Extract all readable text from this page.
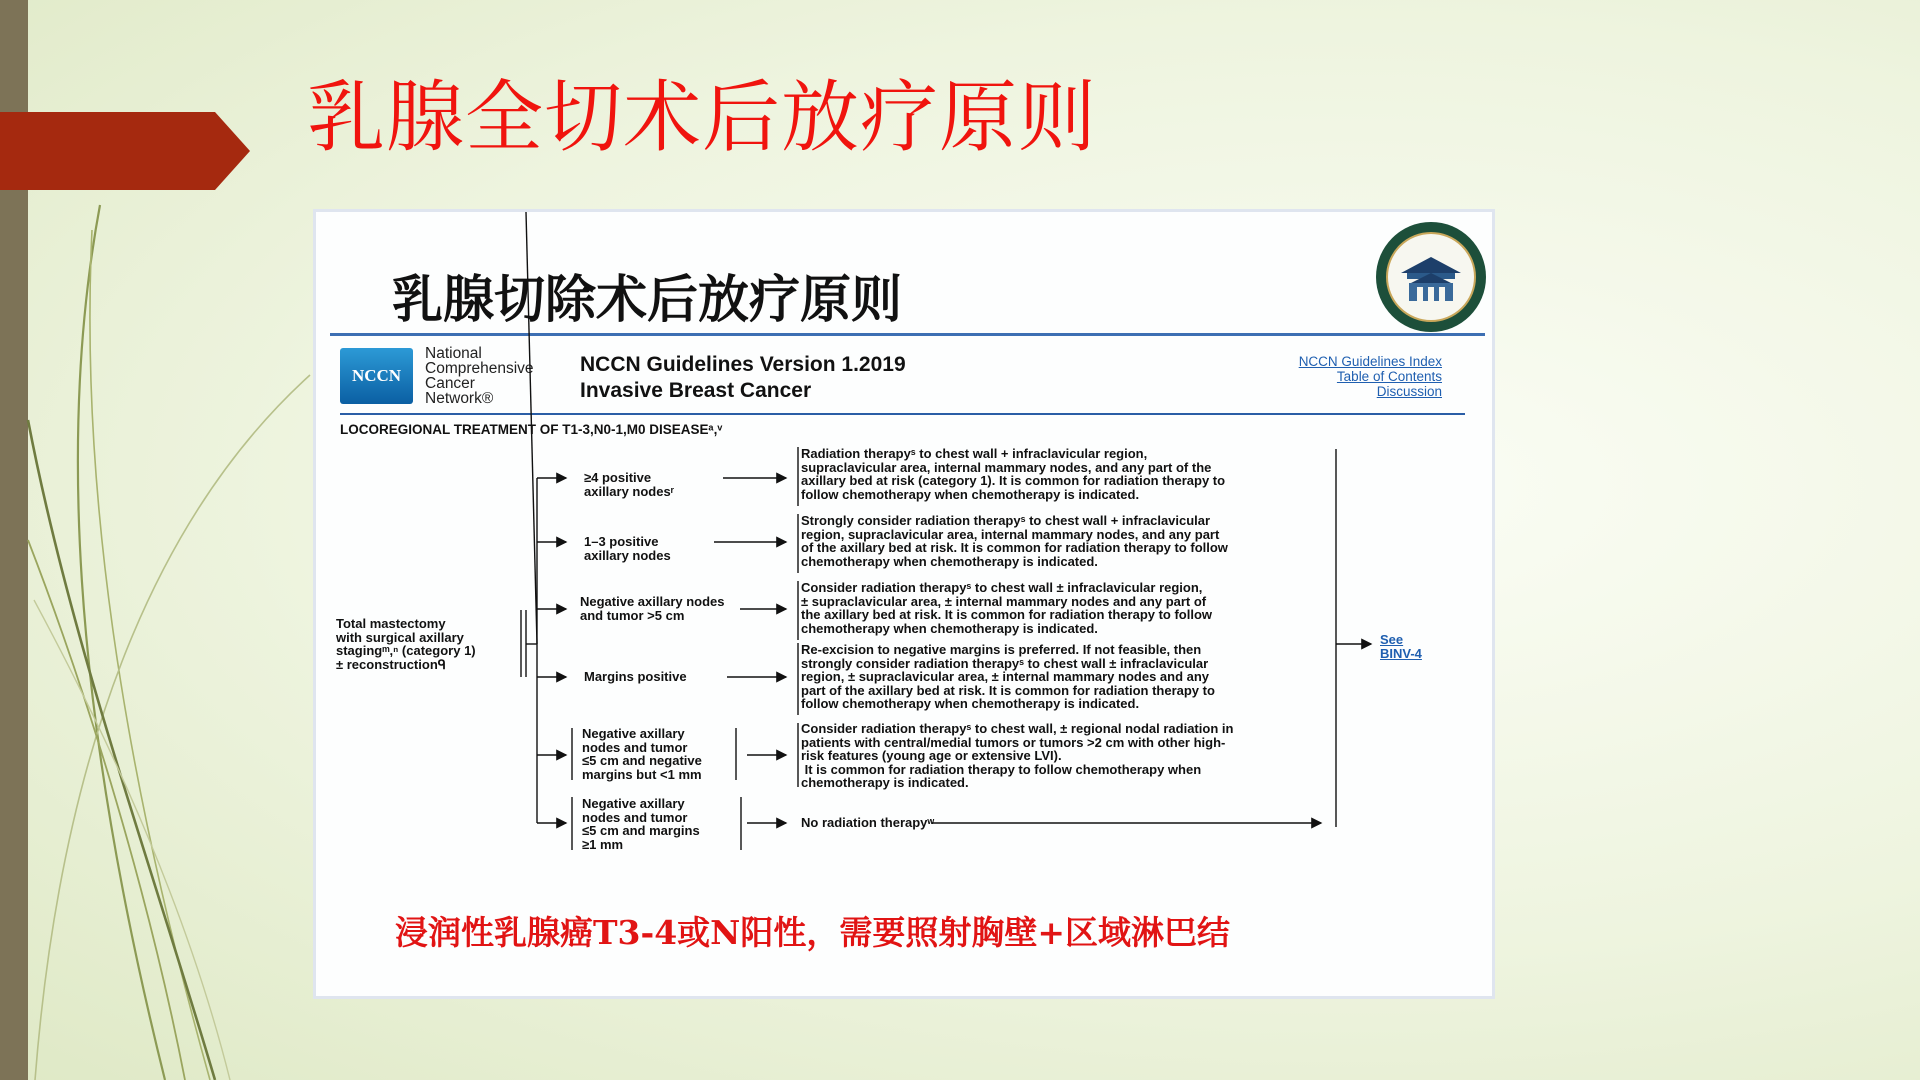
乳腺全切术后放疗原则
乳腺切除术后放疗原则
NCCN
National
Comprehensive
Cancer
Network®
NCCN Guidelines Version 1.2019
Invasive Breast Cancer
NCCN Guidelines Index
Table of Contents
Discussion
LOCOREGIONAL TREATMENT OF T1-3,N0-1,M0 DISEASEᵃ,ᵛ
Total mastectomy
with surgical axillary
stagingᵐ,ⁿ (category 1)
± reconstructionᑫ
≥4 positive
axillary nodesʳ
1–3 positive
axillary nodes
Negative axillary nodes
and tumor >5 cm
Margins positive
Negative axillary
nodes and tumor
≤5 cm and negative
margins but <1 mm
Negative axillary
nodes and tumor
≤5 cm and margins
≥1 mm
Radiation therapyˢ to chest wall + infraclavicular region,
supraclavicular area, internal mammary nodes, and any part of the
axillary bed at risk (category 1). It is common for radiation therapy to
follow chemotherapy when chemotherapy is indicated.
Strongly consider radiation therapyˢ to chest wall + infraclavicular
region, supraclavicular area, internal mammary nodes, and any part
of the axillary bed at risk. It is common for radiation therapy to follow
chemotherapy when chemotherapy is indicated.
Consider radiation therapyˢ to chest wall ± infraclavicular region,
± supraclavicular area, ± internal mammary nodes and any part of
the axillary bed at risk. It is common for radiation therapy to follow
chemotherapy when chemotherapy is indicated.
Re-excision to negative margins is preferred. If not feasible, then
strongly consider radiation therapyˢ to chest wall ± infraclavicular
region, ± supraclavicular area, ± internal mammary nodes and any
part of the axillary bed at risk. It is common for radiation therapy to
follow chemotherapy when chemotherapy is indicated.
Consider radiation therapyˢ to chest wall, ± regional nodal radiation in
patients with central/medial tumors or tumors >2 cm with other high-
risk features (young age or extensive LVI).
It is common for radiation therapy to follow chemotherapy when
chemotherapy is indicated.
No radiation therapyʷ
See
BINV-4
浸润性乳腺癌T3-4或N阳性，需要照射胸壁+区域淋巴结
